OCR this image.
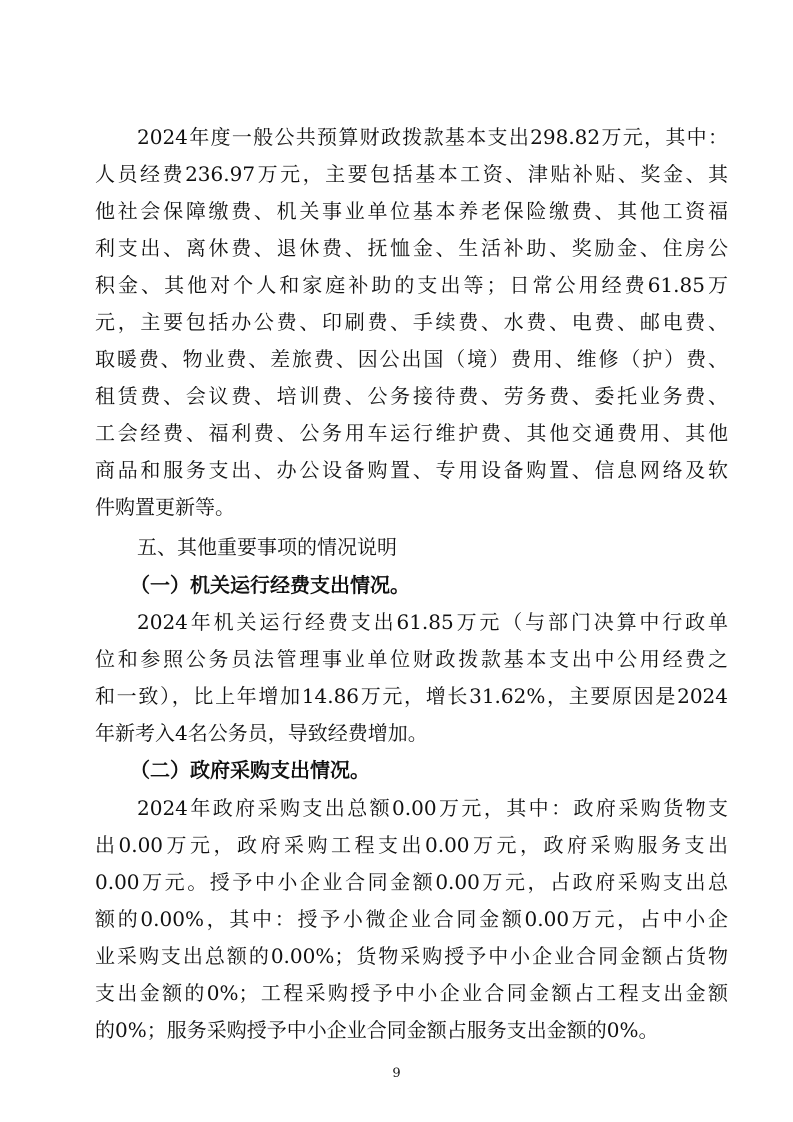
2024年度一般公共预算财政拨款基本支出298.82万元，其中：
人员经费236.97万元，主要包括基本工资、津贴补贴、奖金、其
他社会保障缴费、机关事业单位基本养老保险缴费、其他工资福
利支出、离休费、退休费、抚恤金、生活补助、奖励金、住房公
积金、其他对个人和家庭补助的支出等；日常公用经费61.85万
元，主要包括办公费、印刷费、手续费、水费、电费、邮电费、
取暖费、物业费、差旅费、因公出国（境）费用、维修（护）费、
租赁费、会议费、培训费、公务接待费、劳务费、委托业务费、
工会经费、福利费、公务用车运行维护费、其他交通费用、其他
商品和服务支出、办公设备购置、专用设备购置、信息网络及软
件购置更新等。
五、其他重要事项的情况说明
（一）机关运行经费支出情况。
2024年机关运行经费支出61.85万元（与部门决算中行政单
位和参照公务员法管理事业单位财政拨款基本支出中公用经费之
和一致），比上年增加14.86万元，增长31.62%，主要原因是2024
年新考入4名公务员，导致经费增加。
（二）政府采购支出情况。
2024年政府采购支出总额0.00万元，其中：政府采购货物支
出0.00万元，政府采购工程支出0.00万元，政府采购服务支出
0.00万元。授予中小企业合同金额0.00万元，占政府采购支出总
额的0.00%，其中：授予小微企业合同金额0.00万元，占中小企
业采购支出总额的0.00%；货物采购授予中小企业合同金额占货物
支出金额的0%；工程采购授予中小企业合同金额占工程支出金额
的0%；服务采购授予中小企业合同金额占服务支出金额的0%。
9
